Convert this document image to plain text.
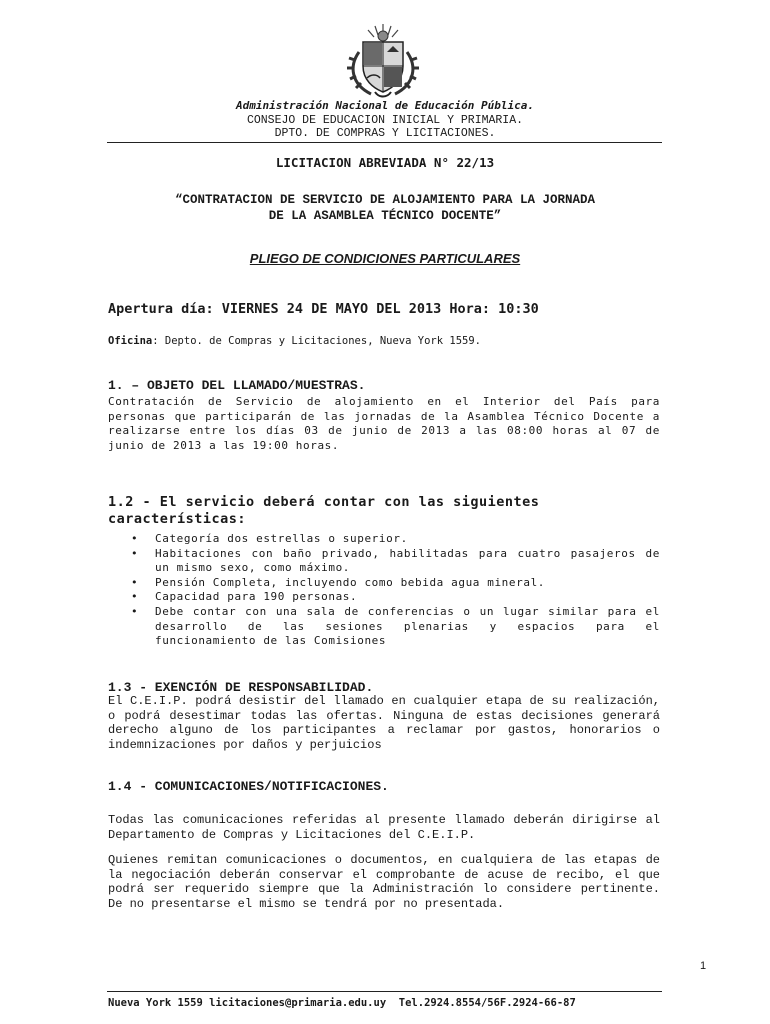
Administración Nacional de Educación Pública.
CONSEJO DE EDUCACION INICIAL Y PRIMARIA.
DPTO. DE COMPRAS Y LICITACIONES.
LICITACION ABREVIADA N° 22/13
“CONTRATACION DE SERVICIO DE ALOJAMIENTO PARA LA JORNADA
DE LA ASAMBLEA TÉCNICO DOCENTE”
PLIEGO DE CONDICIONES PARTICULARES
Apertura día: VIERNES 24 DE MAYO DEL 2013 Hora: 10:30
Oficina: Depto. de Compras y Licitaciones, Nueva York 1559.
1. – OBJETO DEL LLAMADO/MUESTRAS.
Contratación de Servicio de alojamiento en el Interior del País para personas que participarán de las jornadas de la Asamblea Técnico Docente a realizarse entre los días 03 de junio de 2013 a las 08:00 horas al 07 de junio de 2013 a las 19:00 horas.
1.2 - El servicio deberá contar con las siguientes características:
• Categoría dos estrellas o superior.
• Habitaciones con baño privado, habilitadas para cuatro pasajeros de un mismo sexo, como máximo.
• Pensión Completa, incluyendo como bebida agua mineral.
• Capacidad para 190 personas.
• Debe contar con una sala de conferencias o un lugar similar para el desarrollo de las sesiones plenarias y espacios para el funcionamiento de las Comisiones
1.3 - EXENCIÓN DE RESPONSABILIDAD.
El C.E.I.P. podrá desistir del llamado en cualquier etapa de su realización, o podrá desestimar todas las ofertas. Ninguna de estas decisiones generará derecho alguno de los participantes a reclamar por gastos, honorarios o indemnizaciones por daños y perjuicios
1.4 - COMUNICACIONES/NOTIFICACIONES.
Todas las comunicaciones referidas al presente llamado deberán dirigirse al Departamento de Compras y Licitaciones del C.E.I.P.
Quienes remitan comunicaciones o documentos, en cualquiera de las etapas de la negociación deberán conservar el comprobante de acuse de recibo, el que podrá ser requerido siempre que la Administración lo considere pertinente. De no presentarse el mismo se tendrá por no presentada.
1
Nueva York 1559 licitaciones@primaria.edu.uy  Tel.2924.8554/56F.2924-66-87
